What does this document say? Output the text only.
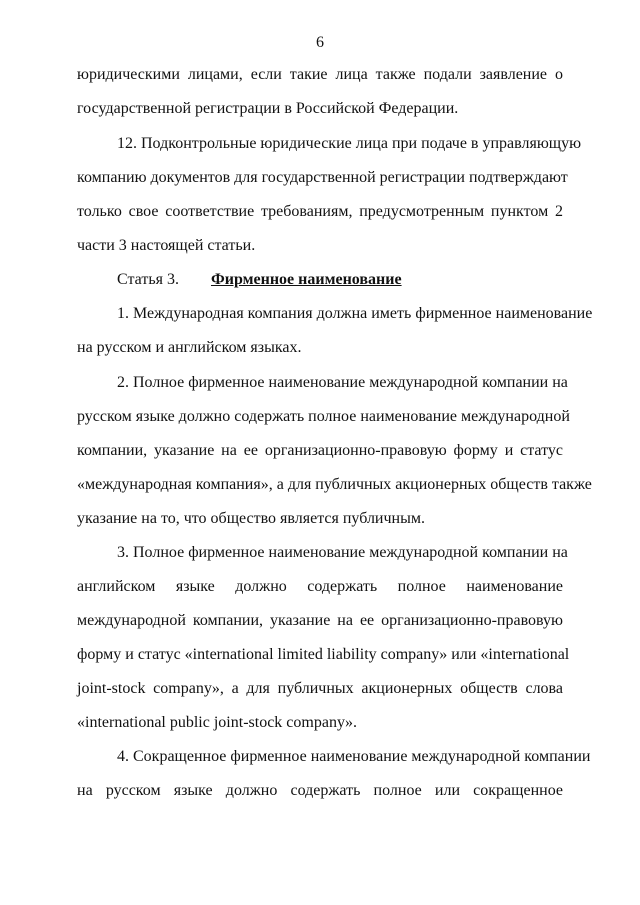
6
юридическими лицами, если такие лица также подали заявление о
государственной регистрации в Российской Федерации.
12. Подконтрольные юридические лица при подаче в управляющую
компанию документов для государственной регистрации подтверждают
только свое соответствие требованиям, предусмотренным пунктом 2
части 3 настоящей статьи.
Статья 3. Фирменное наименование
1. Международная компания должна иметь фирменное наименование
на русском и английском языках.
2. Полное фирменное наименование международной компании на
русском языке должно содержать полное наименование международной
компании, указание на ее организационно-правовую форму и статус
«международная компания», а для публичных акционерных обществ также
указание на то, что общество является публичным.
3. Полное фирменное наименование международной компании на
английском языке должно содержать полное наименование
международной компании, указание на ее организационно-правовую
форму и статус «international limited liability company» или «international
joint-stock company», а для публичных акционерных обществ слова
«international public joint-stock company».
4. Сокращенное фирменное наименование международной компании
на русском языке должно содержать полное или сокращенное
